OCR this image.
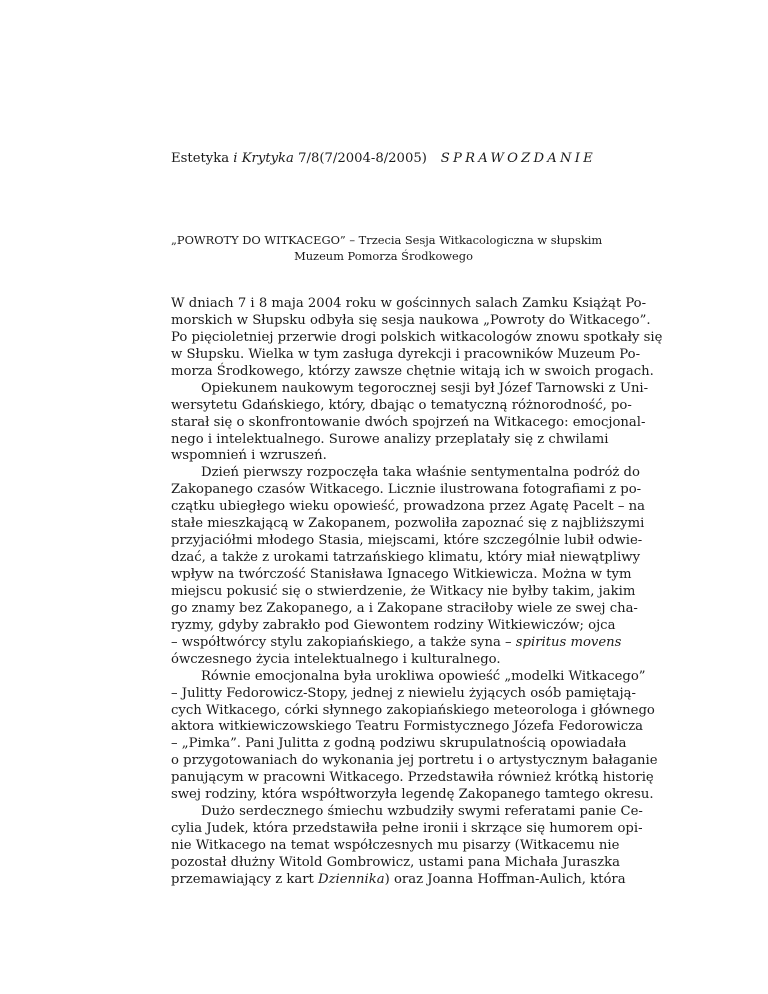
Estetyka i Krytyka 7/8(7/2004-8/2005) SPRAWOZDANIE
„POWROTY DO WITKACEGO” – Trzecia Sesja Witkacologiczna w słupskim
Muzeum Pomorza Środkowego
W dniach 7 i 8 maja 2004 roku w gościnnych salach Zamku Książąt Po-
morskich w Słupsku odbyła się sesja naukowa „Powroty do Witkacego”.
Po pięcioletniej przerwie drogi polskich witkacologów znowu spotkały się
w Słupsku. Wielka w tym zasługa dyrekcji i pracowników Muzeum Po-
morza Środkowego, którzy zawsze chętnie witają ich w swoich progach.
Opiekunem naukowym tegorocznej sesji był Józef Tarnowski z Uni-
wersytetu Gdańskiego, który, dbając o tematyczną różnorodność, po-
starał się o skonfrontowanie dwóch spojrzeń na Witkacego: emocjonal-
nego i intelektualnego. Surowe analizy przeplatały się z chwilami
wspomnień i wzruszeń.
Dzień pierwszy rozpoczęła taka właśnie sentymentalna podróż do
Zakopanego czasów Witkacego. Licznie ilustrowana fotografiami z po-
czątku ubiegłego wieku opowieść, prowadzona przez Agatę Pacelt – na
stałe mieszkającą w Zakopanem, pozwoliła zapoznać się z najbliższymi
przyjaciółmi młodego Stasia, miejscami, które szczególnie lubił odwie-
dzać, a także z urokami tatrzańskiego klimatu, który miał niewątpliwy
wpływ na twórczość Stanisława Ignacego Witkiewicza. Można w tym
miejscu pokusić się o stwierdzenie, że Witkacy nie byłby takim, jakim
go znamy bez Zakopanego, a i Zakopane straciłoby wiele ze swej cha-
ryzmy, gdyby zabrakło pod Giewontem rodziny Witkiewiczów; ojca
– współtwórcy stylu zakopiańskiego, a także syna – spiritus movens
ówczesnego życia intelektualnego i kulturalnego.
Równie emocjonalna była urokliwa opowieść „modelki Witkacego”
– Julitty Fedorowicz-Stopy, jednej z niewielu żyjących osób pamiętają-
cych Witkacego, córki słynnego zakopiańskiego meteorologa i głównego
aktora witkiewiczowskiego Teatru Formistycznego Józefa Fedorowicza
– „Pimka”. Pani Julitta z godną podziwu skrupulatnością opowiadała
o przygotowaniach do wykonania jej portretu i o artystycznym bałaganie
panującym w pracowni Witkacego. Przedstawiła również krótką historię
swej rodziny, która współtworzyła legendę Zakopanego tamtego okresu.
Dużo serdecznego śmiechu wzbudziły swymi referatami panie Ce-
cylia Judek, która przedstawiła pełne ironii i skrzące się humorem opi-
nie Witkacego na temat współczesnych mu pisarzy (Witkacemu nie
pozostał dłużny Witold Gombrowicz, ustami pana Michała Juraszka
przemawiający z kart Dziennika) oraz Joanna Hoffman-Aulich, która
